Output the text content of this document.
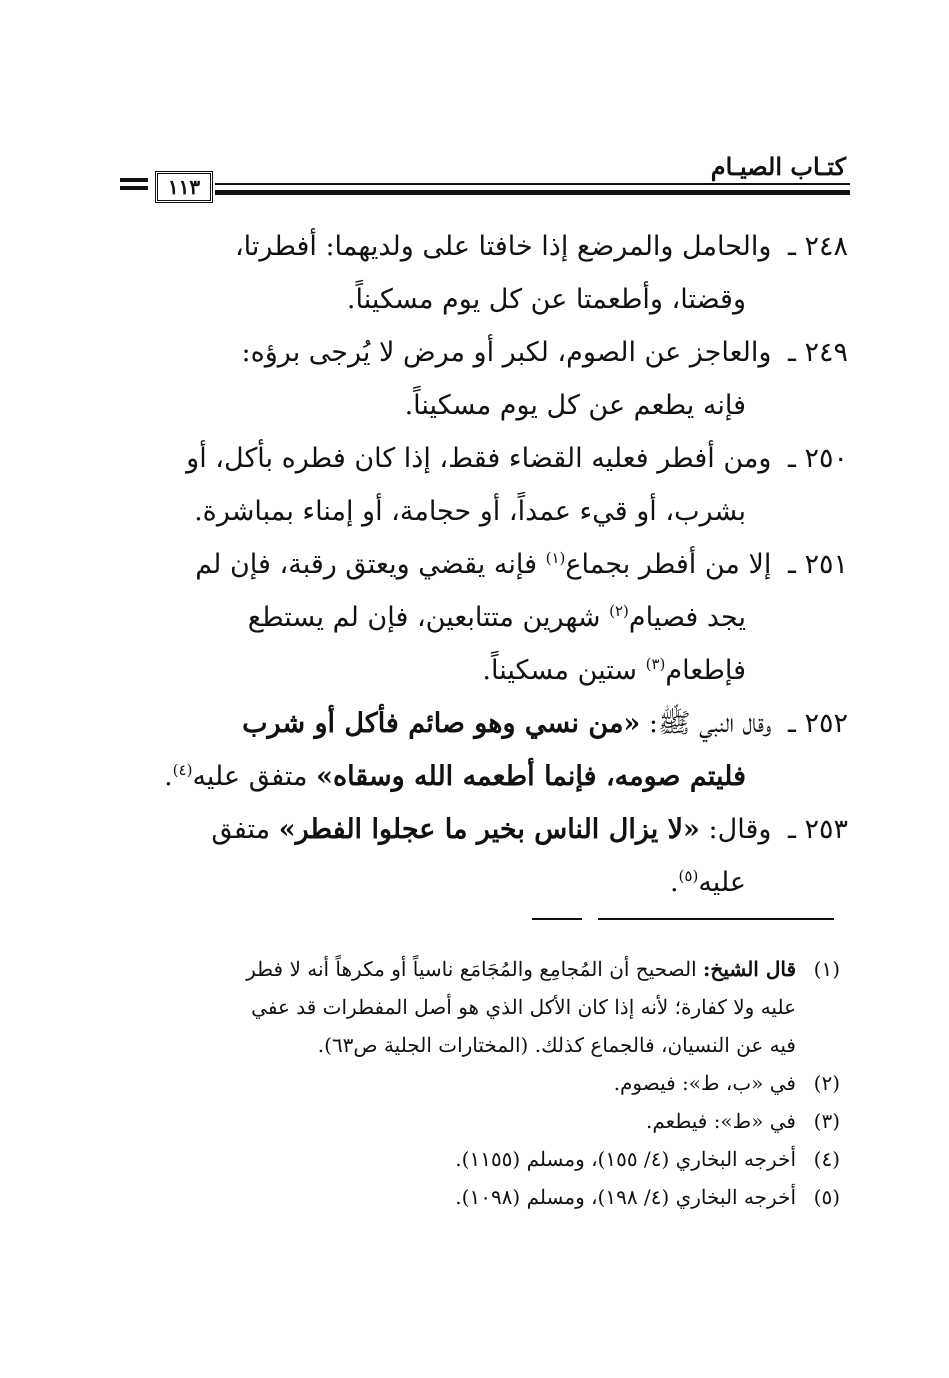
كتـاب الصيـام
١١٣

٢٤٨ ـ والحامل والمرضع إذا خافتا على ولديهما: أفطرتا،
وقضتا، وأطعمتا عن كل يوم مسكيناً.

٢٤٩ ـ والعاجز عن الصوم، لكبر أو مرض لا يُرجى برؤه:
فإنه يطعم عن كل يوم مسكيناً.

٢٥٠ ـ ومن أفطر فعليه القضاء فقط، إذا كان فطره بأكل، أو
بشرب، أو قيء عمداً، أو حجامة، أو إمناء بمباشرة.

٢٥١ ـ إلا من أفطر بجماع$^{(١)}$ فإنه يقضي ويعتق رقبة، فإن لم
يجد فصيام$^{(٢)}$ شهرين متتابعين، فإن لم يستطع
فإطعام$^{(٣)}$ ستين مسكيناً.

٢٥٢ ـ وقال النبي ﷺ: «من نسي وهو صائم فأكل أو شرب
فليتم صومه، فإنما أطعمه الله وسقاه» متفق عليه$^{(٤)}$.

٢٥٣ ـ وقال: «لا يزال الناس بخير ما عجلوا الفطر» متفق
عليه$^{(٥)}$.

(١)قال الشيخ: الصحيح أن المُجامِع والمُجَامَع ناسياً أو مكرهاً أنه لا فطر
عليه ولا كفارة؛ لأنه إذا كان الأكل الذي هو أصل المفطرات قد عفي
فيه عن النسيان، فالجماع كذلك. (المختارات الجلية ص٦٣).

(٢)في «ب، ط»: فيصوم.

(٣)في «ط»: فيطعم.

(٤)أخرجه البخاري (٤/ ١٥٥)، ومسلم (١١٥٥).

(٥)أخرجه البخاري (٤/ ١٩٨)، ومسلم (١٠٩٨).
